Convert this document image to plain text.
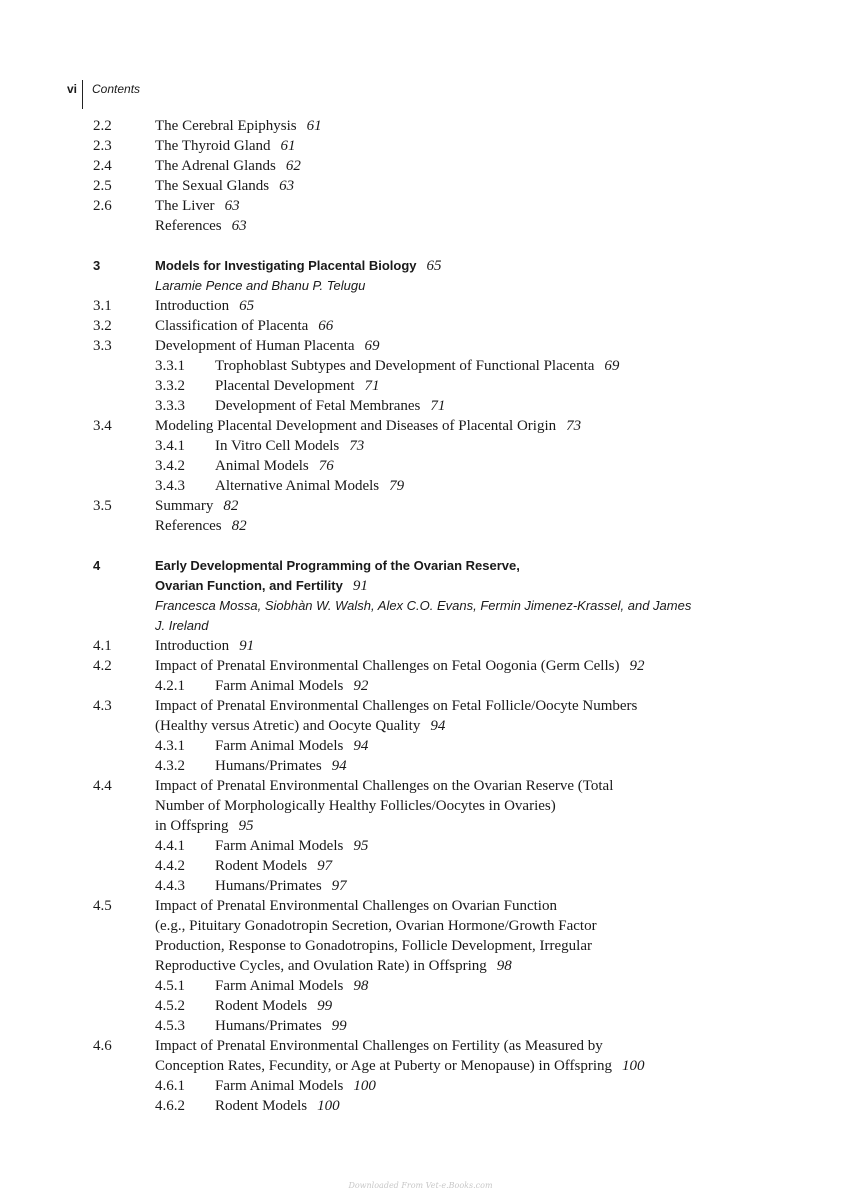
vi Contents
2.2	The Cerebral Epiphysis 61
2.3	The Thyroid Gland 61
2.4	The Adrenal Glands 62
2.5	The Sexual Glands 63
2.6	The Liver 63
References 63
3	Models for Investigating Placental Biology 65
Laramie Pence and Bhanu P. Telugu
3.1	Introduction 65
3.2	Classification of Placenta 66
3.3	Development of Human Placenta 69
3.3.1 Trophoblast Subtypes and Development of Functional Placenta 69
3.3.2 Placental Development 71
3.3.3 Development of Fetal Membranes 71
3.4	Modeling Placental Development and Diseases of Placental Origin 73
3.4.1 In Vitro Cell Models 73
3.4.2 Animal Models 76
3.4.3 Alternative Animal Models 79
3.5	Summary 82
References 82
4	Early Developmental Programming of the Ovarian Reserve,
Ovarian Function, and Fertility 91
Francesca Mossa, Siobhàn W. Walsh, Alex C.O. Evans, Fermin Jimenez-Krassel, and James
J. Ireland
4.1	Introduction 91
4.2	Impact of Prenatal Environmental Challenges on Fetal Oogonia (Germ Cells) 92
4.2.1 Farm Animal Models 92
4.3	Impact of Prenatal Environmental Challenges on Fetal Follicle/Oocyte Numbers
(Healthy versus Atretic) and Oocyte Quality 94
4.3.1 Farm Animal Models 94
4.3.2 Humans/Primates 94
4.4	Impact of Prenatal Environmental Challenges on the Ovarian Reserve (Total
Number of Morphologically Healthy Follicles/Oocytes in Ovaries)
in Offspring 95
4.4.1 Farm Animal Models 95
4.4.2 Rodent Models 97
4.4.3 Humans/Primates 97
4.5	Impact of Prenatal Environmental Challenges on Ovarian Function
(e.g., Pituitary Gonadotropin Secretion, Ovarian Hormone/Growth Factor
Production, Response to Gonadotropins, Follicle Development, Irregular
Reproductive Cycles, and Ovulation Rate) in Offspring 98
4.5.1 Farm Animal Models 98
4.5.2 Rodent Models 99
4.5.3 Humans/Primates 99
4.6	Impact of Prenatal Environmental Challenges on Fertility (as Measured by
Conception Rates, Fecundity, or Age at Puberty or Menopause) in Offspring 100
4.6.1 Farm Animal Models 100
4.6.2 Rodent Models 100
Downloaded From Vet-e.Books.com
